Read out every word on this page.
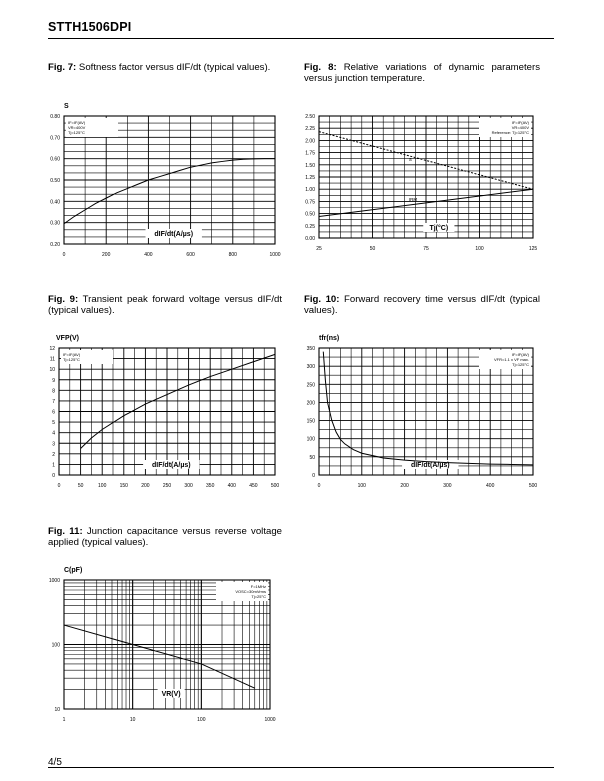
STTH1506DPI
Fig. 7: Softness factor versus dIF/dt (typical values).	Fig. 8: Relative variations of dynamic parameters versus junction temperature.
Fig. 9: Transient peak forward voltage versus dIF/dt (typical values).
Fig. 10: Forward recovery time versus dIF/dt (typical values).
Fig. 11: Junction capacitance versus reverse voltage applied (typical values).
0	200	400	600	800	1000
0.20
0.30
0.40
0.50
0.60
0.70
0.80
S
dIF/dt(A/µs)
IF=IF(AV)
VR=400V
Tj=125°C
25	50	75	100	125
0.00
0.25
0.50
0.75
1.00
1.25
1.50
1.75
2.00
2.25
2.50
Tj(°C)
IF=IF(AV)
VR=400V
Reference: Tj=125°C
S
IRM
0	50	100	150	200	250	300	350	400	450	500
0
1
2
3
4
5
6
7
8
9
10
11
12
VFP(V)
dIF/dt(A/µs)
IF=IF(AV)
Tj=125°C
0	100	200	300	400	500
0
50
100
150
200
250
300
350
tfr(ns)
dIF/dt(A/µs)
IF=IF(AV)
VFR=1.1 x VF max.
Tj=125°C
1	10	100	1000
10
100
1000
C(pF)
VR(V)
F=1MHz
VOSC=30mVrms
Tj=25°C
4/5
